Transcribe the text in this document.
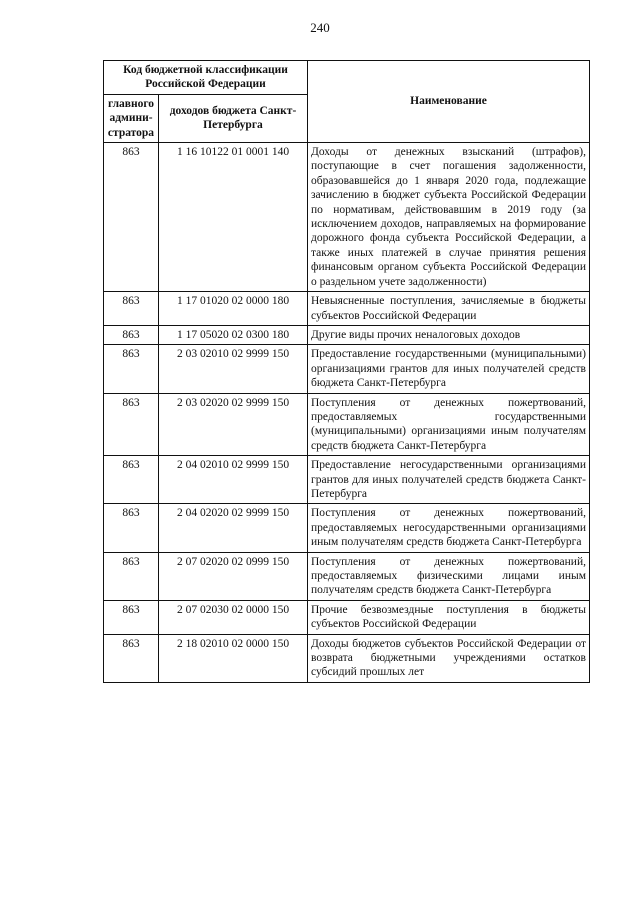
240
Код бюджетной классификации Российской Федерации		Наименование
главного админи-стратора	доходов бюджета Санкт-Петербурга	
863	1 16 10122 01 0001 140	Доходы от денежных взысканий (штрафов), поступающие в счет погашения задолженности, образовавшейся до 1 января 2020 года, подлежащие зачислению в бюджет субъекта Российской Федерации по нормативам, действовавшим в 2019 году (за исключением доходов, направляемых на формирование дорожного фонда субъекта Российской Федерации, а также иных платежей в случае принятия решения финансовым органом субъекта Российской Федерации о раздельном учете задолженности)
863	1 17 01020 02 0000 180	Невыясненные поступления, зачисляемые в бюджеты субъектов Российской Федерации
863	1 17 05020 02 0300 180	Другие виды прочих неналоговых доходов
863	2 03 02010 02 9999 150	Предоставление государственными (муниципальными) организациями грантов для иных получателей средств бюджета Санкт-Петербурга
863	2 03 02020 02 9999 150	Поступления от денежных пожертвований, предоставляемых государственными (муниципальными) организациями иным получателям средств бюджета Санкт-Петербурга
863	2 04 02010 02 9999 150	Предоставление негосударственными организациями грантов для иных получателей средств бюджета Санкт-Петербурга
863	2 04 02020 02 9999 150	Поступления от денежных пожертвований, предоставляемых негосударственными организациями иным получателям средств бюджета Санкт-Петербурга
863	2 07 02020 02 0999 150	Поступления от денежных пожертвований, предоставляемых физическими лицами иным получателям средств бюджета Санкт-Петербурга
863	2 07 02030 02 0000 150	Прочие безвозмездные поступления в бюджеты субъектов Российской Федерации
863	2 18 02010 02 0000 150	Доходы бюджетов субъектов Российской Федерации от возврата бюджетными учреждениями остатков субсидий прошлых лет
